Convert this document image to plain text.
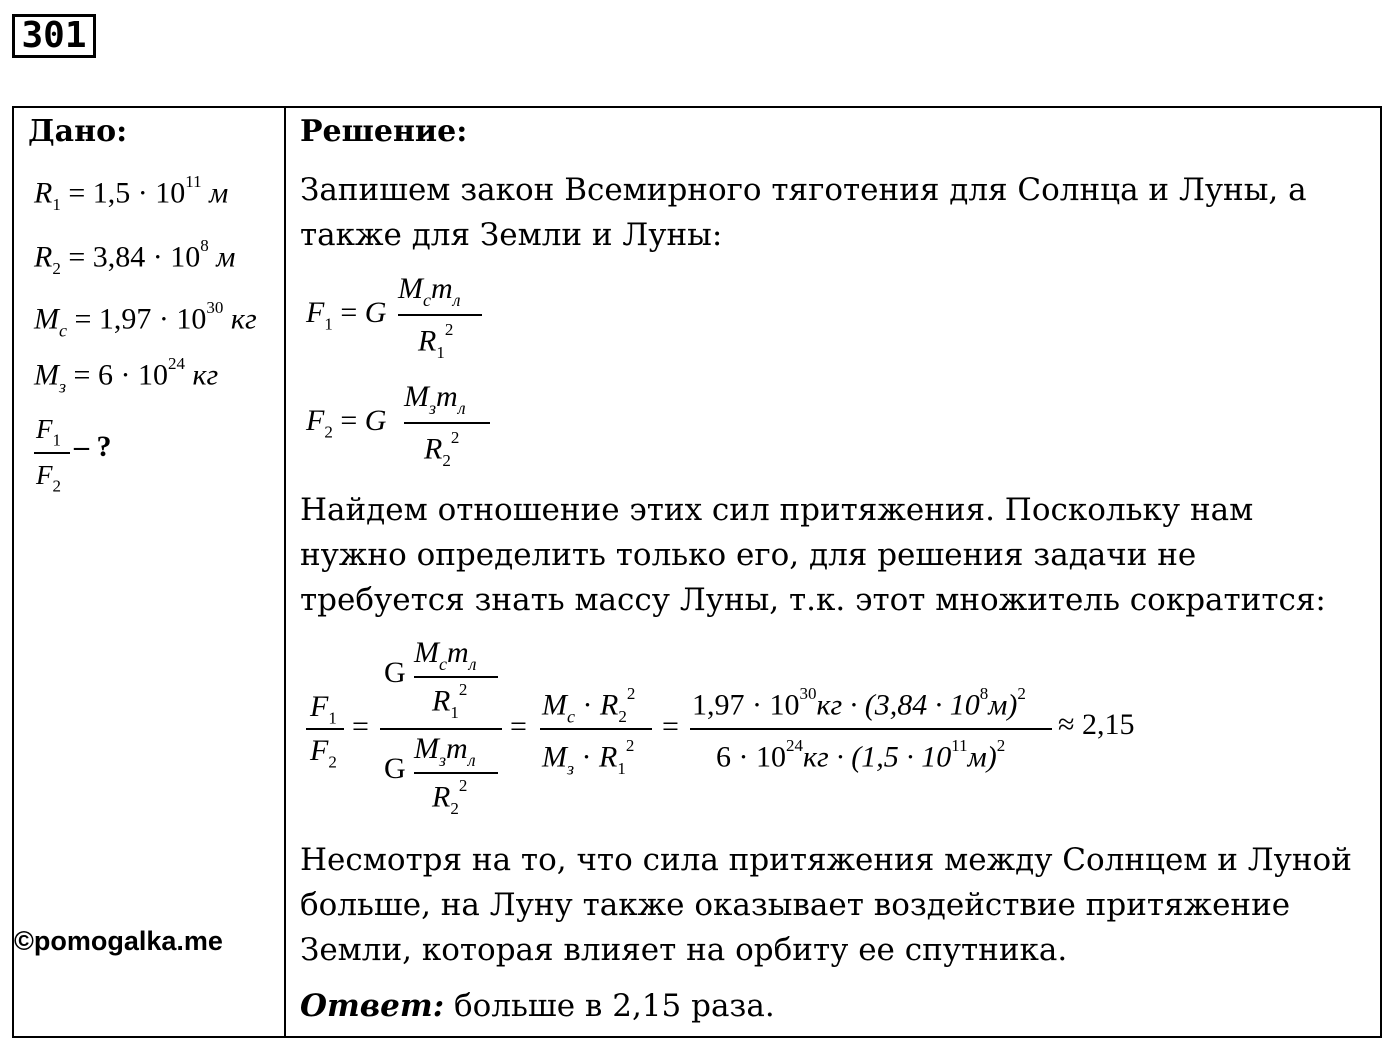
301
Дано:
$R_1 = 1,5 \cdot 10^{11}$ м
$R_2 = 3,84 \cdot 10^8$ м
$M_с = 1,97 \cdot 10^{30}$ кг
$M_з = 6 \cdot 10^{24}$ кг
$F_1$
$F_2$
– ?
©pomogalka.me
Решение:
Запишем закон Всемирного тяготения для Солнца и Луны, а также для Земли и Луны:
$F_1 = G$
$M_сm_л$
$R_1^2$
$F_2 = G$
$M_зm_л$
$R_2^2$
Найдем отношение этих сил притяжения. Поскольку нам нужно определить только его, для решения задачи не требуется знать массу Луны, т.к. этот множитель сократится:
$F_1$
$F_2$
=
G
$M_сm_л$
$R_1^2$
G
$M_зm_л$
$R_2^2$
=
$M_с \cdot R_2^2$
$M_з \cdot R_1^2$
=
$1,97 \cdot 10^{30}кг \cdot (3,84 \cdot 10^8м)^2$
$6 \cdot 10^{24}кг \cdot (1,5 \cdot 10^{11}м)^2$
≈ 2,15
Несмотря на то, что сила притяжения между Солнцем и Луной больше, на Луну также оказывает воздействие притяжение Земли, которая влияет на орбиту ее спутника.
Ответ: больше в 2,15 раза.
